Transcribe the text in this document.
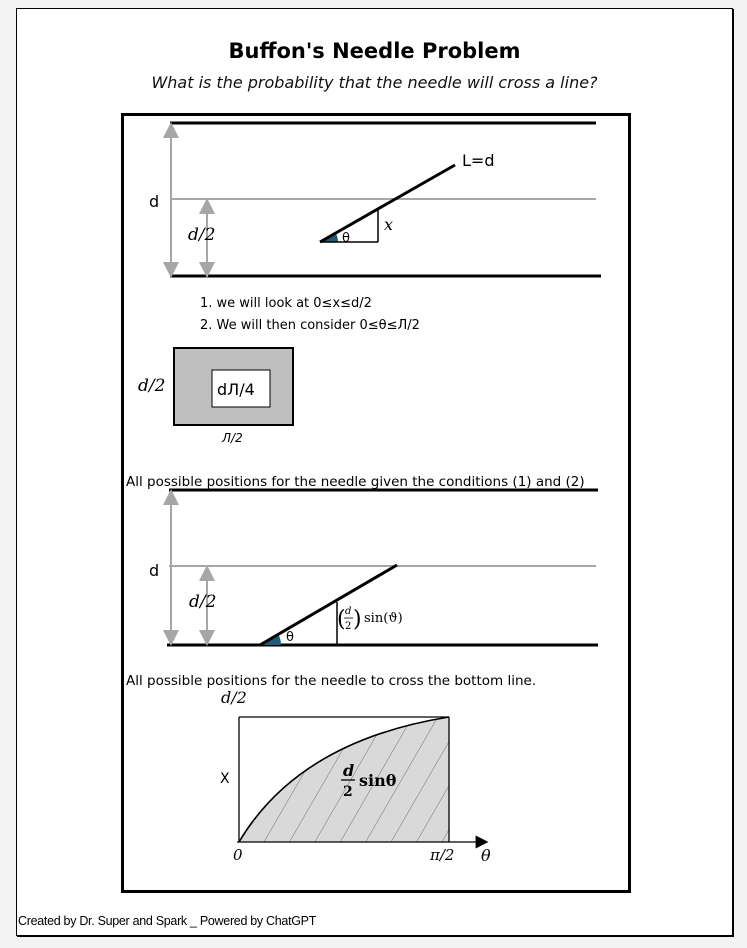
Buffon's Needle Problem
What is the probability that the needle will cross a line?
d
d/2	θ
x
L=d
1. we will look at 0≤x≤d/2
2. We will then consider 0≤θ≤Л/2
dЛ/4
d/2
Л/2
All possible positions for the needle given the conditions (1) and (2)
d
d/2
θ
( d
2 ) sin(ϑ)
All possible positions for the needle to cross the bottom line.
d/2
X	d
2
sinθ
0	π/2 θ
Created by Dr. Super and Spark _ Powered by ChatGPT
